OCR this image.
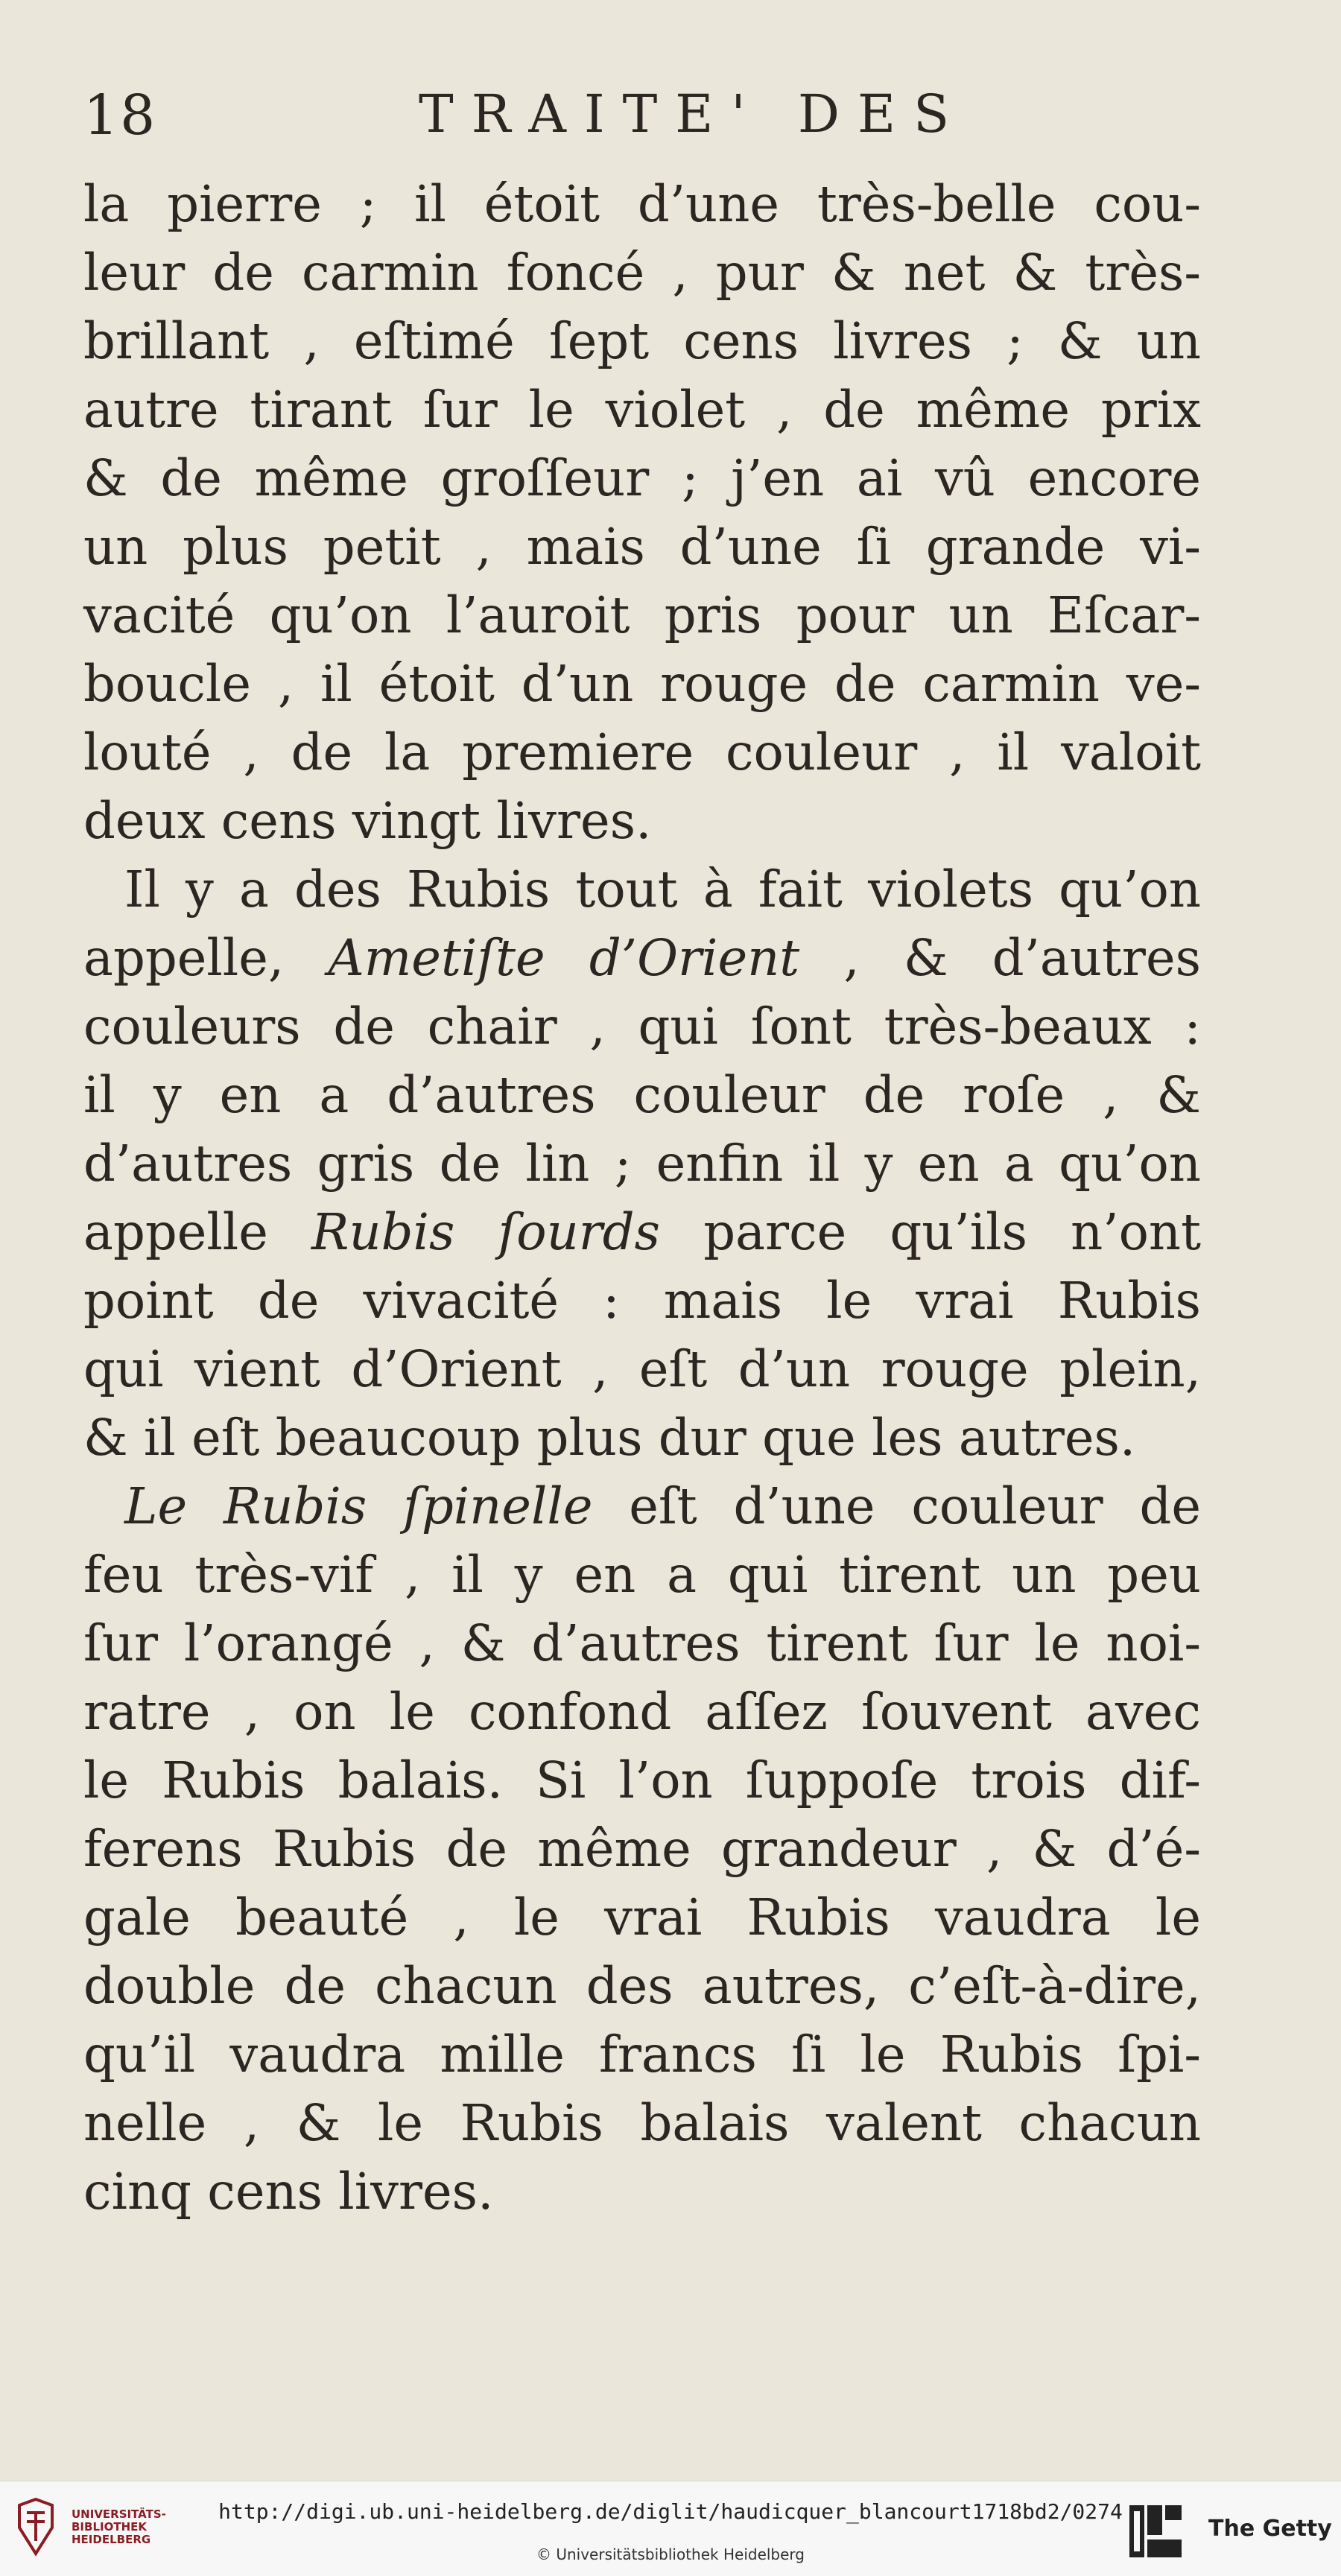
18	TRAITE' DES
la pierre ; il étoit d’une très-belle cou-
leur de carmin foncé , pur & net & très-
brillant , eſtimé ſept cens livres ; & un
autre tirant ſur le violet , de même prix
& de même groſſeur ; j’en ai vû encore
un plus petit , mais d’une ſi grande vi-
vacité qu’on l’auroit pris pour un Eſcar-
boucle , il étoit d’un rouge de carmin ve-
louté , de la premiere couleur , il valoit
deux cens vingt livres.
Il y a des Rubis tout à fait violets qu’on
appelle, Ametiſte d’Orient , & d’autres
couleurs de chair , qui ſont très-beaux :
il y en a d’autres couleur de roſe , &
d’autres gris de lin ; enfin il y en a qu’on
appelle Rubis ſourds parce qu’ils n’ont
point de vivacité : mais le vrai Rubis
qui vient d’Orient , eſt d’un rouge plein,
& il eſt beaucoup plus dur que les autres.
Le Rubis ſpinelle eſt d’une couleur de
feu très-vif , il y en a qui tirent un peu
ſur l’orangé , & d’autres tirent ſur le noi-
ratre , on le confond aſſez ſouvent avec
le Rubis balais. Si l’on ſuppoſe trois dif-
ferens Rubis de même grandeur , & d’é-
gale beauté , le vrai Rubis vaudra le
double de chacun des autres, c’eſt-à-dire,
qu’il vaudra mille francs ſi le Rubis ſpi-
nelle , & le Rubis balais valent chacun
cinq cens livres.
UNIVERSITÄTS-
BIBLIOTHEK
HEIDELBERG
http://digi.ub.uni-heidelberg.de/diglit/haudicquer_blancourt1718bd2/0274
© Universitätsbibliothek Heidelberg
The Getty
